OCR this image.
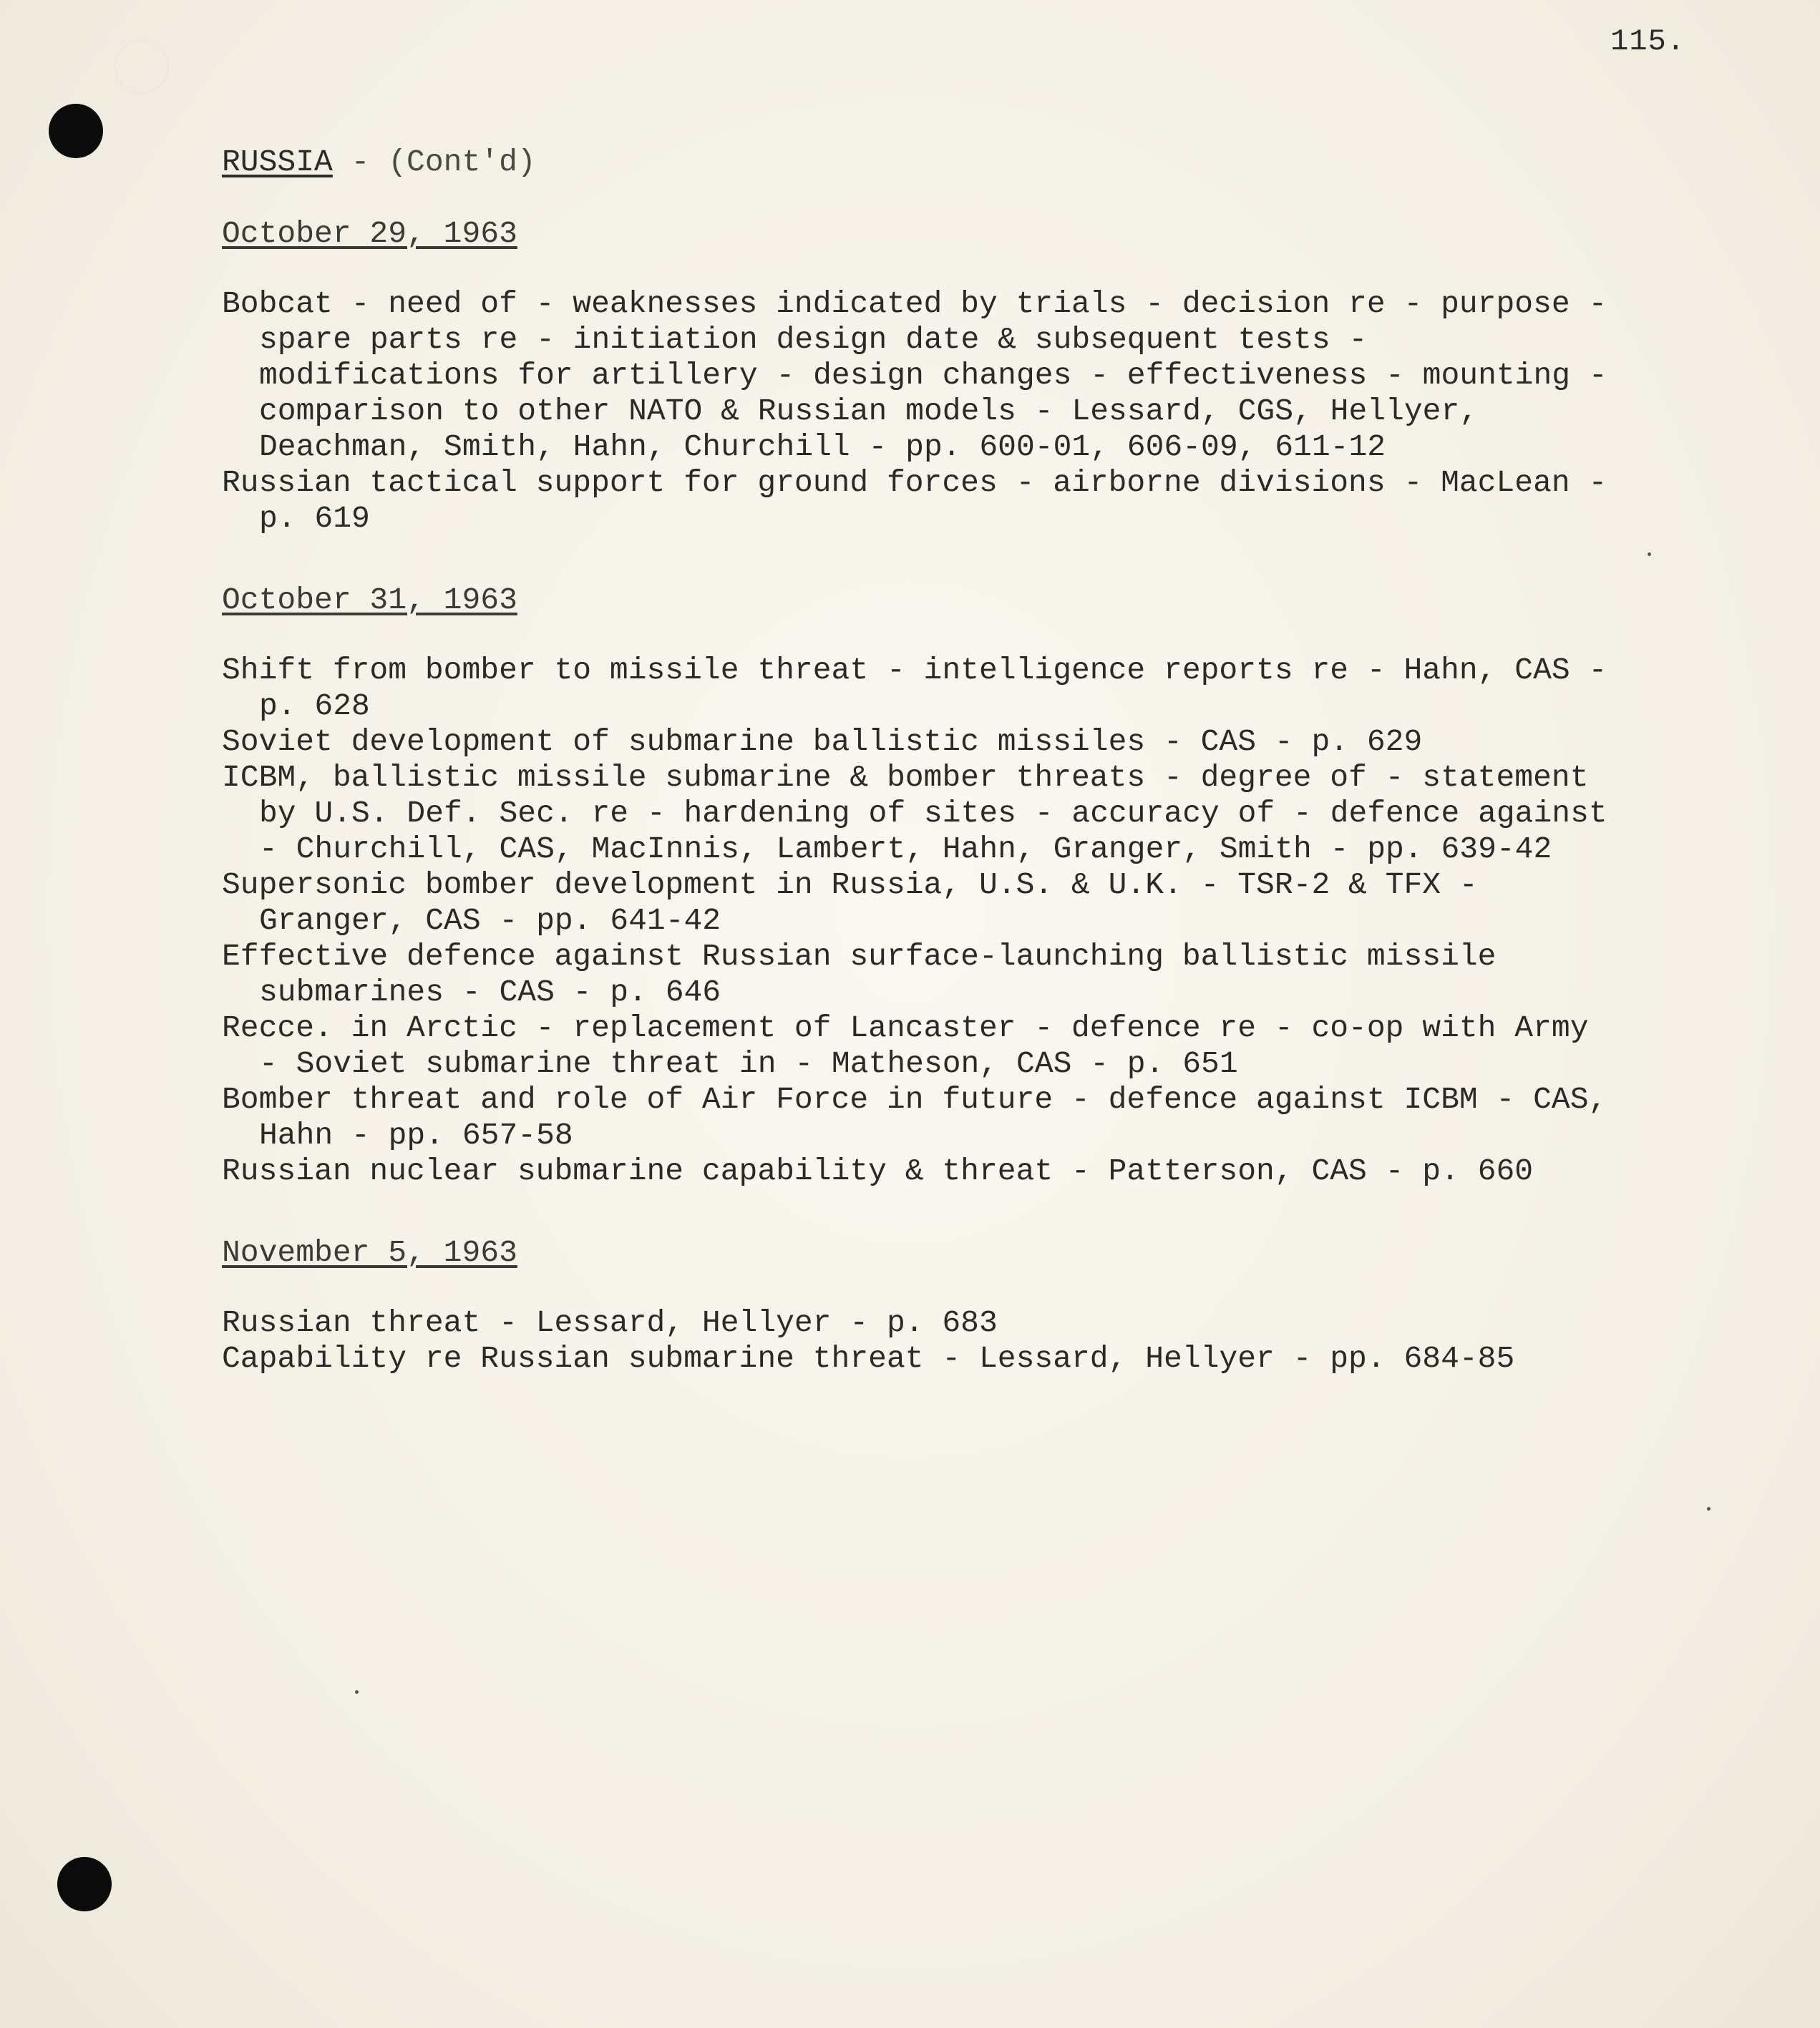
115.

RUSSIA - (Cont'd)

October 29, 1963

Bobcat - need of - weaknesses indicated by trials - decision re - purpose - spare parts re - initiation design date & subsequent tests - modifications for artillery - design changes - effectiveness - mounting - comparison to other NATO & Russian models - Lessard, CGS, Hellyer, Deachman, Smith, Hahn, Churchill - pp. 600-01, 606-09, 611-12
Russian tactical support for ground forces - airborne divisions - MacLean - p. 619

October 31, 1963

Shift from bomber to missile threat - intelligence reports re - Hahn, CAS - p. 628
Soviet development of submarine ballistic missiles - CAS - p. 629
ICBM, ballistic missile submarine & bomber threats - degree of - statement by U.S. Def. Sec. re - hardening of sites - accuracy of - defence against - Churchill, CAS, MacInnis, Lambert, Hahn, Granger, Smith - pp. 639-42
Supersonic bomber development in Russia, U.S. & U.K. - TSR-2 & TFX - Granger, CAS - pp. 641-42
Effective defence against Russian surface-launching ballistic missile submarines - CAS - p. 646
Recce. in Arctic - replacement of Lancaster - defence re - co-op with Army - Soviet submarine threat in - Matheson, CAS - p. 651
Bomber threat and role of Air Force in future - defence against ICBM - CAS, Hahn - pp. 657-58
Russian nuclear submarine capability & threat - Patterson, CAS - p. 660

November 5, 1963

Russian threat - Lessard, Hellyer - p. 683
Capability re Russian submarine threat - Lessard, Hellyer - pp. 684-85
